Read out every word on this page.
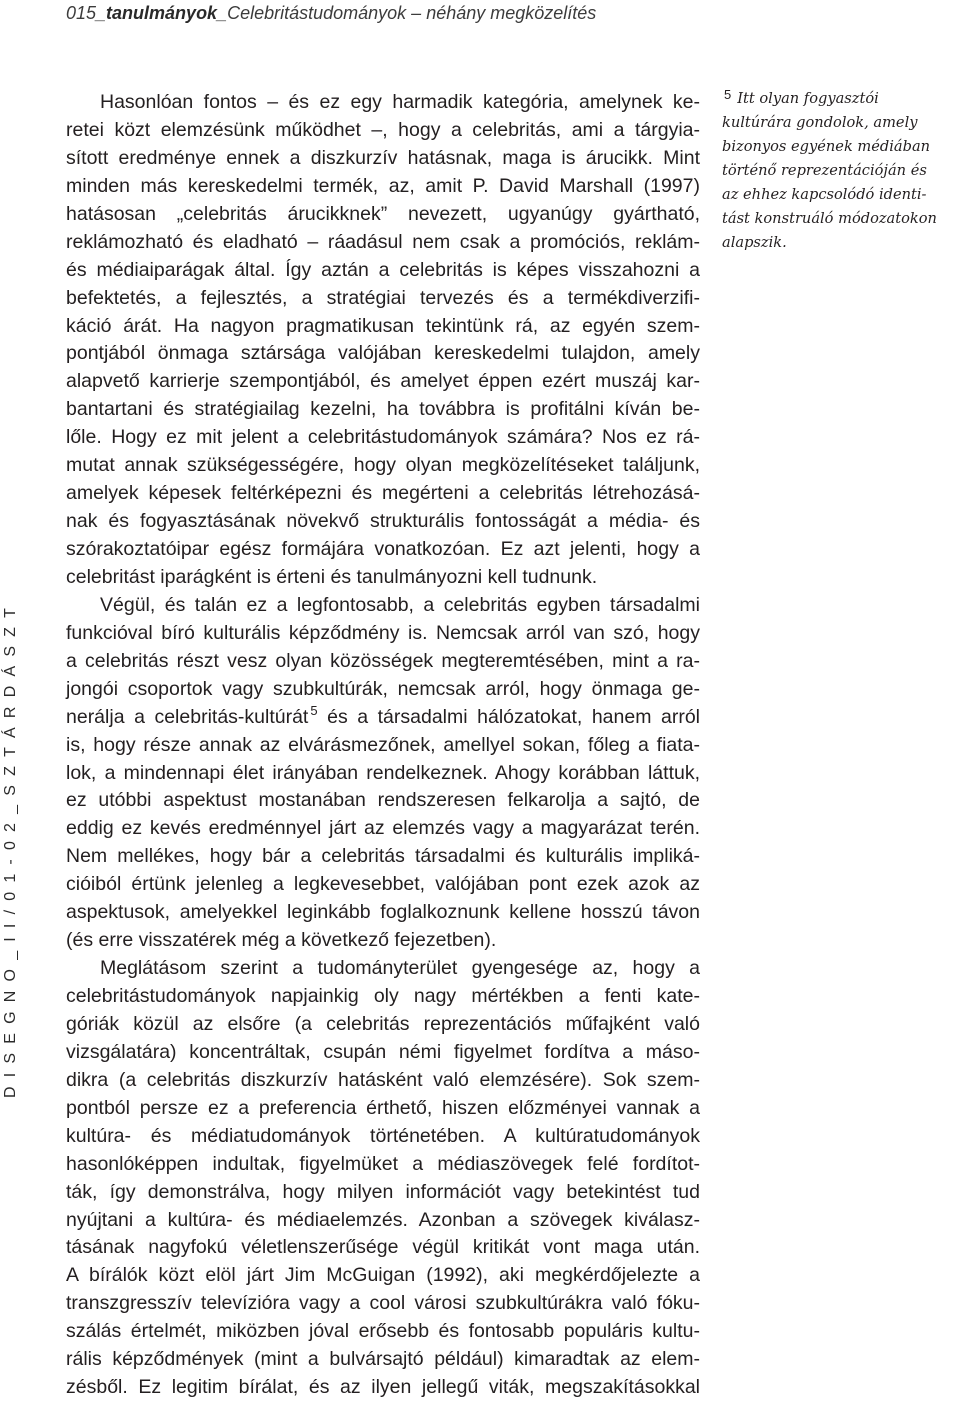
015_tanulmányok_Celebritástudományok – néhány megközelítés
DISEGNO_II/01-02_SZTÁRDÁSZT
Hasonlóan fontos – és ez egy harmadik kategória, amelynek ke-
retei közt elemzésünk működhet –, hogy a celebritás, ami a tárgyia-
sított eredménye ennek a diszkurzív hatásnak, maga is árucikk. Mint
minden más kereskedelmi termék, az, amit P. David Marshall (1997)
hatásosan „celebritás árucikknek” nevezett, ugyanúgy gyártható,
reklámozható és eladható – ráadásul nem csak a promóciós, reklám-
és médiaiparágak által. Így aztán a celebritás is képes visszahozni a
befektetés, a fejlesztés, a stratégiai tervezés és a termékdiverzifi-
káció árát. Ha nagyon pragmatikusan tekintünk rá, az egyén szem-
pontjából önmaga sztársága valójában kereskedelmi tulajdon, amely
alapvető karrierje szempontjából, és amelyet éppen ezért muszáj kar-
bantartani és stratégiailag kezelni, ha továbbra is profitálni kíván be-
lőle. Hogy ez mit jelent a celebritástudományok számára? Nos ez rá-
mutat annak szükségességére, hogy olyan megközelítéseket találjunk,
amelyek képesek feltérképezni és megérteni a celebritás létrehozásá-
nak és fogyasztásának növekvő strukturális fontosságát a média- és
szórakoztatóipar egész formájára vonatkozóan. Ez azt jelenti, hogy a
celebritást iparágként is érteni és tanulmányozni kell tudnunk.
Végül, és talán ez a legfontosabb, a celebritás egyben társadalmi
funkcióval bíró kulturális képződmény is. Nemcsak arról van szó, hogy
a celebritás részt vesz olyan közösségek megteremtésében, mint a ra-
jongói csoportok vagy szubkultúrák, nemcsak arról, hogy önmaga ge-
nerálja a celebritás-kultúrát $^5$ és a társadalmi hálózatokat, hanem arról
is, hogy része annak az elvárásmezőnek, amellyel sokan, főleg a fiata-
lok, a mindennapi élet irányában rendelkeznek. Ahogy korábban láttuk,
ez utóbbi aspektust mostanában rendszeresen felkarolja a sajtó, de
eddig ez kevés eredménnyel járt az elemzés vagy a magyarázat terén.
Nem mellékes, hogy bár a celebritás társadalmi és kulturális impliká-
cióiból értünk jelenleg a legkevesebbet, valójában pont ezek azok az
aspektusok, amelyekkel leginkább foglalkoznunk kellene hosszú távon
(és erre visszatérek még a következő fejezetben).
Meglátásom szerint a tudományterület gyengesége az, hogy a
celebritástudományok napjainkig oly nagy mértékben a fenti kate-
góriák közül az elsőre (a celebritás reprezentációs műfajként való
vizsgálatára) koncentráltak, csupán némi figyelmet fordítva a máso-
dikra (a celebritás diszkurzív hatásként való elemzésére). Sok szem-
pontból persze ez a preferencia érthető, hiszen előzményei vannak a
kultúra- és médiatudományok történetében. A kultúratudományok
hasonlóképpen indultak, figyelmüket a médiaszövegek felé fordítot-
ták, így demonstrálva, hogy milyen információt vagy betekintést tud
nyújtani a kultúra- és médiaelemzés. Azonban a szövegek kiválasz-
tásának nagyfokú véletlenszerűsége végül kritikát vont maga után.
A bírálók közt elöl járt Jim McGuigan (1992), aki megkérdőjelezte a
transzgresszív televízióra vagy a cool városi szubkultúrákra való fóku-
szálás értelmét, miközben jóval erősebb és fontosabb populáris kultu-
rális képződmények (mint a bulvársajtó például) kimaradtak az elem-
zésből. Ez legitim bírálat, és az ilyen jellegű viták, megszakításokkal
5 Itt olyan fogyasztói
kultúrára gondolok, amely
bizonyos egyének médiában
történő reprezentációján és
az ehhez kapcsolódó identi-
tást konstruáló módozatokon
alapszik.
